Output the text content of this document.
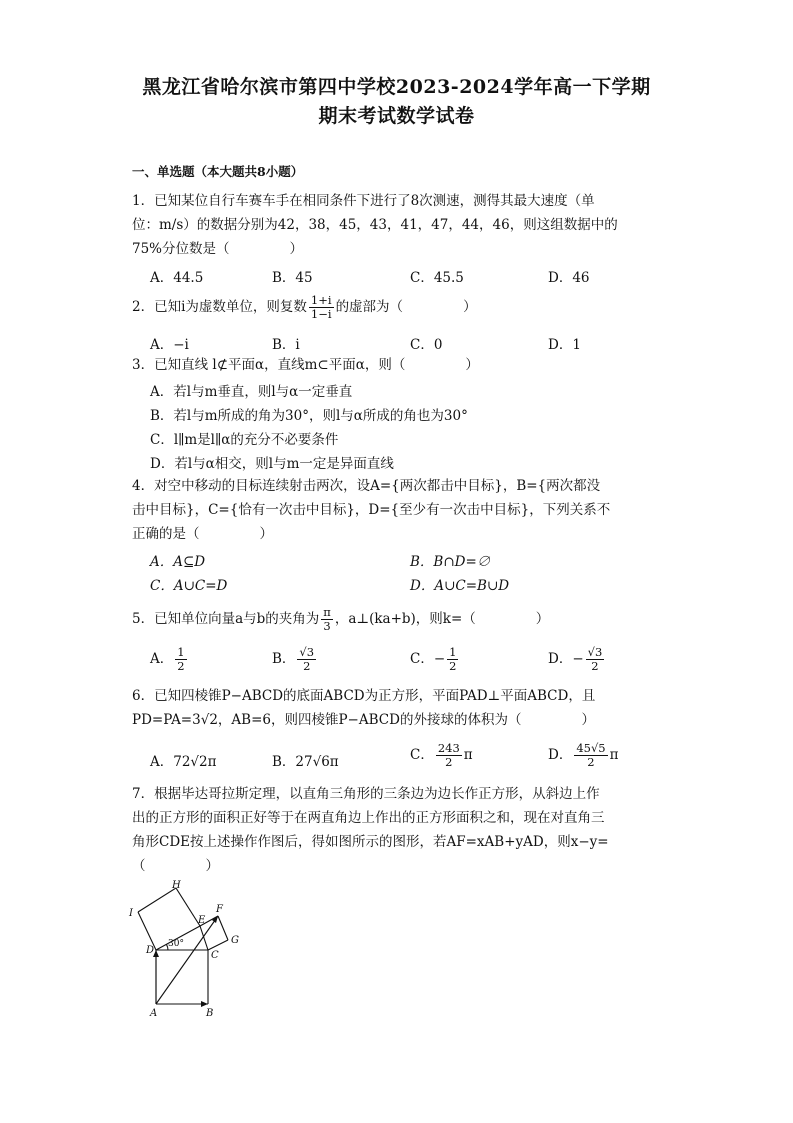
黑龙江省哈尔滨市第四中学校2023-2024学年高一下学期
期末考试数学试卷
一、单选题（本大题共8小题）
1．已知某位自行车赛车手在相同条件下进行了8次测速，测得其最大速度（单
位：m/s）的数据分别为42，38，45，43，41，47，44，46，则这组数据中的
75%分位数是（	）
A．44.5	B．45	C．45.5	D．46
2．已知i为虚数单位，则复数 $\frac{1+i}{1-i}$ 的虚部为（	）
A．−i	B．i	C．0	D．1
3．已知直线 l⊄平面α，直线m⊂平面α，则（	）
A．若l与m垂直，则l与α一定垂直
B．若l与m所成的角为30°，则l与α所成的角也为30°
C．l∥m是l∥α的充分不必要条件
D．若l与α相交，则l与m一定是异面直线
4．对空中移动的目标连续射击两次，设A={两次都击中目标}，B={两次都没
击中目标}，C={恰有一次击中目标}，D={至少有一次击中目标}，下列关系不
正确的是（	）
A．A⊆D	B．B∩D=∅
C．A∪C=D	D．A∪C=B∪D
5．已知单位向量a与b的夹角为 $\frac{\pi}{3}$ ，a⊥(ka+b)，则k=（	）
A． $\frac{1}{2}$	B． $\frac{√3}{2}$	C．− $\frac{1}{2}$	D．− $\frac{√3}{2}$
6．已知四棱锥P−ABCD的底面ABCD为正方形，平面PAD⊥平面ABCD，且
PD=PA=3√2，AB=6，则四棱锥P−ABCD的外接球的体积为（	）
A．72√2π	B．27√6π	C． $\frac{243}{2}$ π	D． $\frac{45√5}{2}$ π
7．根据毕达哥拉斯定理，以直角三角形的三条边为边长作正方形，从斜边上作
出的正方形的面积正好等于在两直角边上作出的正方形面积之和，现在对直角三
角形CDE按上述操作作图后，得如图所示的图形，若AF=xAB+yAD，则x−y=
（	）
H
I
E
F
G
D	C
A	B
30°
